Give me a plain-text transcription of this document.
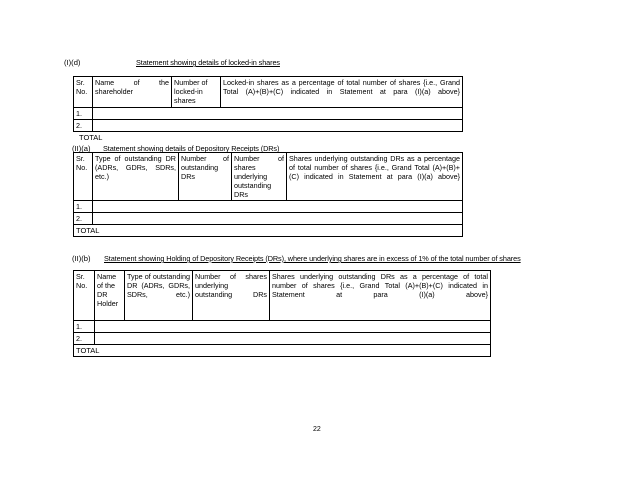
(I)(d)	Statement showing details of locked-in shares
Sr. No.	Name of the shareholder	Number of locked-in shares	Locked-in shares as a percentage of total number of shares {i.e., Grand Total (A)+(B)+(C) indicated in Statement at para (I)(a) above}
1.			
2.			
TOTAL
(II)(a) Statement showing details of Depository Receipts (DRs)
Sr. No.	Type of outstanding DR (ADRs, GDRs, SDRs, etc.)	Number of outstanding DRs	Number of shares underlying outstanding DRs	Shares underlying outstanding DRs as a percentage of total number of shares {i.e., Grand Total (A)+(B)+(C) indicated in Statement at para (I)(a) above}
1.				
2.				
TOTAL				
(II)(b) Statement showing Holding of Depository Receipts (DRs), where underlying shares are in excess of 1% of the total number of shares
Sr. No.	Name of the DR Holder	Type of outstanding DR (ADRs, GDRs, SDRs, etc.)	Number of shares underlying outstanding DRs	Shares underlying outstanding DRs as a percentage of total number of shares {i.e., Grand Total (A)+(B)+(C) indicated in Statement at para (I)(a) above}
1.				
2.				
TOTAL				
22
